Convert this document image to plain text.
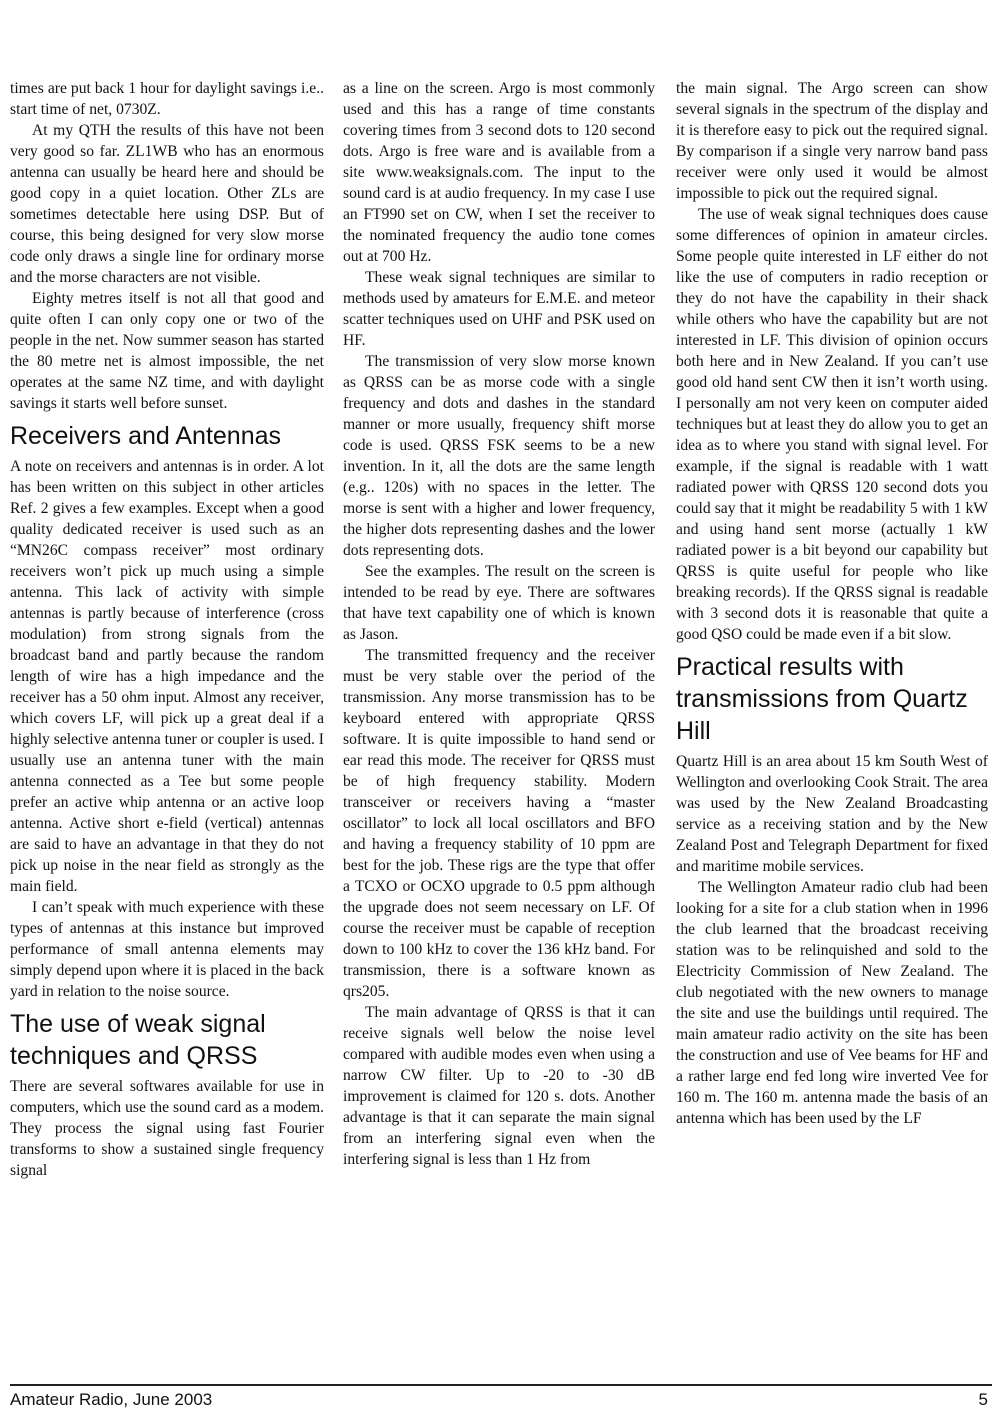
times are put back 1 hour for daylight savings i.e.. start time of net, 0730Z.

At my QTH the results of this have not been very good so far. ZL1WB who has an enormous antenna can usually be heard here and should be good copy in a quiet location. Other ZLs are sometimes detectable here using DSP. But of course, this being designed for very slow morse code only draws a single line for ordinary morse and the morse characters are not visible.

Eighty metres itself is not all that good and quite often I can only copy one or two of the people in the net. Now summer season has started the 80 metre net is almost impossible, the net operates at the same NZ time, and with daylight savings it starts well before sunset.

Receivers and Antennas

A note on receivers and antennas is in order. A lot has been written on this subject in other articles Ref. 2 gives a few examples. Except when a good quality dedicated receiver is used such as an “MN26C compass receiver” most ordinary receivers won’t pick up much using a simple antenna. This lack of activity with simple antennas is partly because of interference (cross modulation) from strong signals from the broadcast band and partly because the random length of wire has a high impedance and the receiver has a 50 ohm input. Almost any receiver, which covers LF, will pick up a great deal if a highly selective antenna tuner or coupler is used. I usually use an antenna tuner with the main antenna connected as a Tee but some people prefer an active whip antenna or an active loop antenna. Active short e-field (vertical) antennas are said to have an advantage in that they do not pick up noise in the near field as strongly as the main field.

I can’t speak with much experience with these types of antennas at this instance but improved performance of small antenna elements may simply depend upon where it is placed in the back yard in relation to the noise source.

The use of weak signal techniques and QRSS

There are several softwares available for use in computers, which use the sound card as a modem. They process the signal using fast Fourier transforms to show a sustained single frequency signal

as a line on the screen. Argo is most commonly used and this has a range of time constants covering times from 3 second dots to 120 second dots. Argo is free ware and is available from a site www.weaksignals.com. The input to the sound card is at audio frequency. In my case I use an FT990 set on CW, when I set the receiver to the nominated frequency the audio tone comes out at 700 Hz.

These weak signal techniques are similar to methods used by amateurs for E.M.E. and meteor scatter techniques used on UHF and PSK used on HF.

The transmission of very slow morse known as QRSS can be as morse code with a single frequency and dots and dashes in the standard manner or more usually, frequency shift morse code is used. QRSS FSK seems to be a new invention. In it, all the dots are the same length (e.g.. 120s) with no spaces in the letter. The morse is sent with a higher and lower frequency, the higher dots representing dashes and the lower dots representing dots.

See the examples. The result on the screen is intended to be read by eye. There are softwares that have text capability one of which is known as Jason.

The transmitted frequency and the receiver must be very stable over the period of the transmission. Any morse transmission has to be keyboard entered with appropriate QRSS software. It is quite impossible to hand send or ear read this mode. The receiver for QRSS must be of high frequency stability. Modern transceiver or receivers having a “master oscillator” to lock all local oscillators and BFO and having a frequency stability of 10 ppm are best for the job. These rigs are the type that offer a TCXO or OCXO upgrade to 0.5 ppm although the upgrade does not seem necessary on LF. Of course the receiver must be capable of reception down to 100 kHz to cover the 136 kHz band. For transmission, there is a software known as qrs205.

The main advantage of QRSS is that it can receive signals well below the noise level compared with audible modes even when using a narrow CW filter. Up to -20 to -30 dB improvement is claimed for 120 s. dots. Another advantage is that it can separate the main signal from an interfering signal even when the interfering signal is less than 1 Hz from

the main signal. The Argo screen can show several signals in the spectrum of the display and it is therefore easy to pick out the required signal. By comparison if a single very narrow band pass receiver were only used it would be almost impossible to pick out the required signal.

The use of weak signal techniques does cause some differences of opinion in amateur circles. Some people quite interested in LF either do not like the use of computers in radio reception or they do not have the capability in their shack while others who have the capability but are not interested in LF. This division of opinion occurs both here and in New Zealand. If you can’t use good old hand sent CW then it isn’t worth using. I personally am not very keen on computer aided techniques but at least they do allow you to get an idea as to where you stand with signal level. For example, if the signal is readable with 1 watt radiated power with QRSS 120 second dots you could say that it might be readability 5 with 1 kW and using hand sent morse (actually 1 kW radiated power is a bit beyond our capability but QRSS is quite useful for people who like breaking records). If the QRSS signal is readable with 3 second dots it is reasonable that quite a good QSO could be made even if a bit slow.

Practical results with transmissions from Quartz Hill

Quartz Hill is an area about 15 km South West of Wellington and overlooking Cook Strait. The area was used by the New Zealand Broadcasting service as a receiving station and by the New Zealand Post and Telegraph Department for fixed and maritime mobile services.

The Wellington Amateur radio club had been looking for a site for a club station when in 1996 the club learned that the broadcast receiving station was to be relinquished and sold to the Electricity Commission of New Zealand. The club negotiated with the new owners to manage the site and use the buildings until required. The main amateur radio activity on the site has been the construction and use of Vee beams for HF and a rather large end fed long wire inverted Vee for 160 m. The 160 m. antenna made the basis of an antenna which has been used by the LF

Amateur Radio, June 2003	5
